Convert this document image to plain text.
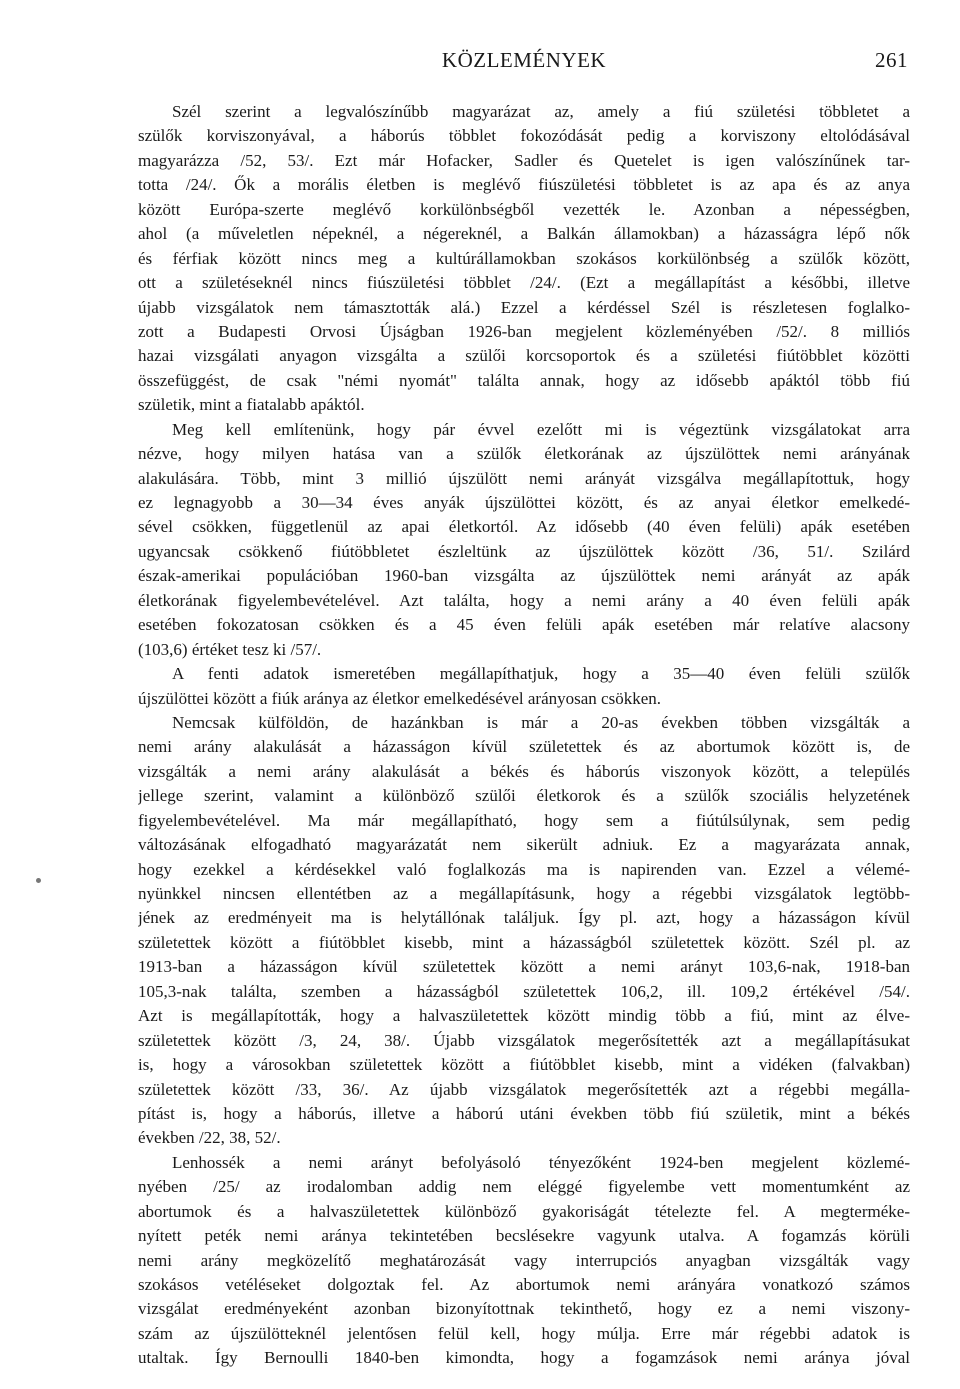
KÖZLEMÉNYEK	261
Szél szerint a legvalószínűbb magyarázat az, amely a fiú születési többletet a
szülők korviszonyával, a háborús többlet fokozódását pedig a korviszony eltolódásával
magyarázza /52, 53/. Ezt már Hofacker, Sadler és Quetelet is igen valószínűnek tar-
totta /24/. Ők a morális életben is meglévő fiúszületési többletet is az apa és az anya
között Európa-szerte meglévő korkülönbségből vezették le. Azonban a népességben,
ahol (a műveletlen népeknél, a négereknél, a Balkán államokban) a házasságra lépő nők
és férfiak között nincs meg a kultúrállamokban szokásos korkülönbség a szülők között,
ott a születéseknél nincs fiúszületési többlet /24/. (Ezt a megállapítást a későbbi, illetve
újabb vizsgálatok nem támasztották alá.) Ezzel a kérdéssel Szél is részletesen foglalko-
zott a Budapesti Orvosi Újságban 1926-ban megjelent közleményében /52/. 8 milliós
hazai vizsgálati anyagon vizsgálta a szülői korcsoportok és a születési fiútöbblet közötti
összefüggést, de csak "némi nyomát" találta annak, hogy az idősebb apáktól több fiú
születik, mint a fiatalabb apáktól.
Meg kell említenünk, hogy pár évvel ezelőtt mi is végeztünk vizsgálatokat arra
nézve, hogy milyen hatása van a szülők életkorának az újszülöttek nemi arányának
alakulására. Több, mint 3 millió újszülött nemi arányát vizsgálva megállapítottuk, hogy
ez legnagyobb a 30—34 éves anyák újszülöttei között, és az anyai életkor emelkedé-
sével csökken, függetlenül az apai életkortól. Az idősebb (40 éven felüli) apák esetében
ugyancsak csökkenő fiútöbbletet észleltünk az újszülöttek között /36, 51/. Szilárd
észak-amerikai populációban 1960-ban vizsgálta az újszülöttek nemi arányát az apák
életkorának figyelembevételével. Azt találta, hogy a nemi arány a 40 éven felüli apák
esetében fokozatosan csökken és a 45 éven felüli apák esetében már relatíve alacsony
(103,6) értéket tesz ki /57/.
A fenti adatok ismeretében megállapíthatjuk, hogy a 35—40 éven felüli szülők
újszülöttei között a fiúk aránya az életkor emelkedésével arányosan csökken.
Nemcsak külföldön, de hazánkban is már a 20-as években többen vizsgálták a
nemi arány alakulását a házasságon kívül születettek és az abortumok között is, de
vizsgálták a nemi arány alakulását a békés és háborús viszonyok között, a település
jellege szerint, valamint a különböző szülői életkorok és a szülők szociális helyzetének
figyelembevételével. Ma már megállapítható, hogy sem a fiútúlsúlynak, sem pedig
változásának elfogadható magyarázatát nem sikerült adniuk. Ez a magyarázata annak,
hogy ezekkel a kérdésekkel való foglalkozás ma is napirenden van. Ezzel a vélemé-
nyünkkel nincsen ellentétben az a megállapításunk, hogy a régebbi vizsgálatok legtöbb-
jének az eredményeit ma is helytállónak találjuk. Így pl. azt, hogy a házasságon kívül
születettek között a fiútöbblet kisebb, mint a házasságból születettek között. Szél pl. az
1913-ban a házasságon kívül születettek között a nemi arányt 103,6-nak, 1918-ban
105,3-nak találta, szemben a házasságból születettek 106,2, ill. 109,2 értékével /54/.
Azt is megállapították, hogy a halvaszületettek között mindig több a fiú, mint az élve-
születettek között /3, 24, 38/. Újabb vizsgálatok megerősítették azt a megállapításukat
is, hogy a városokban születettek között a fiútöbblet kisebb, mint a vidéken (falvakban)
születettek között /33, 36/. Az újabb vizsgálatok megerősítették azt a régebbi megálla-
pítást is, hogy a háborús, illetve a háború utáni években több fiú születik, mint a békés
években /22, 38, 52/.
Lenhossék a nemi arányt befolyásoló tényezőként 1924-ben megjelent közlemé-
nyében /25/ az irodalomban addig nem eléggé figyelembe vett momentumként az
abortumok és a halvaszületettek különböző gyakoriságát tételezte fel. A megterméke-
nyített peték nemi aránya tekintetében becslésekre vagyunk utalva. A fogamzás körüli
nemi arány megközelítő meghatározását vagy interrupciós anyagban vizsgálták vagy
szokásos vetéléseket dolgoztak fel. Az abortumok nemi arányára vonatkozó számos
vizsgálat eredményeként azonban bizonyítottnak tekinthető, hogy ez a nemi viszony-
szám az újszülötteknél jelentősen felül kell, hogy múlja. Erre már régebbi adatok is
utaltak. Így Bernoulli 1840-ben kimondta, hogy a fogamzások nemi aránya jóval
